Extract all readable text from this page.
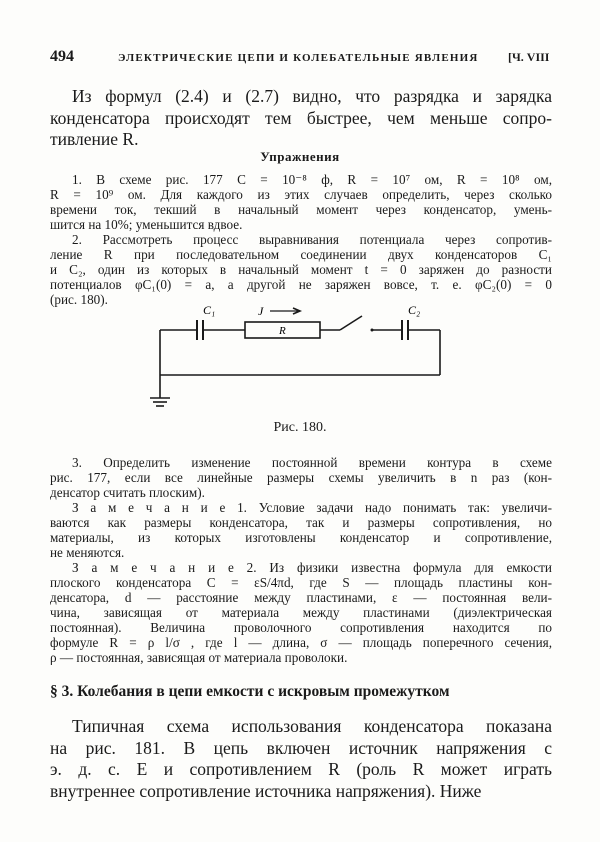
494	ЭЛЕКТРИЧЕСКИЕ ЦЕПИ И КОЛЕБАТЕЛЬНЫЕ ЯВЛЕНИЯ [Ч. VIII
Из формул (2.4) и (2.7) видно, что разрядка и зарядка
конденсатора происходят тем быстрее, чем меньше сопро-
тивление R.
1. В схеме рис. 177 C = 10⁻⁸ ф, R = 10⁷ ом, R = 10⁸ ом,
R = 10⁹ ом. Для каждого из этих случаев определить, через сколько
времени ток, текший в начальный момент через конденсатор, умень-
шится на 10%; уменьшится вдвое.
2. Рассмотреть процесс выравнивания потенциала через сопротив-
ление R при последовательном соединении двух конденсаторов C₁
и C₂, один из которых в начальный момент t = 0 заряжен до разности
потенциалов φC₁(0) = a, а другой не заряжен вовсе, т. е. φC₂(0) = 0
(рис. 180).
3. Определить изменение постоянной времени контура в схеме
рис. 177, если все линейные размеры схемы увеличить в n раз (кон-
денсатор считать плоским).
З а м е ч а н и е 1. Условие задачи надо понимать так: увеличи-
ваются как размеры конденсатора, так и размеры сопротивления, но
материалы, из которых изготовлены конденсатор и сопротивление,
не меняются.
З а м е ч а н и е 2. Из физики известна формула для емкости
плоского конденсатора C = εS/4πd, где S — площадь пластины кон-
денсатора, d — расстояние между пластинами, ε — постоянная вели-
чина, зависящая от материала между пластинами (диэлектрическая
постоянная). Величина проволочного сопротивления находится по
формуле R = ρ l/σ , где l — длина, σ — площадь поперечного сечения,
ρ — постоянная, зависящая от материала проволоки.
Типичная схема использования конденсатора показана
на рис. 181. В цепь включен источник напряжения с
э. д. с. E и сопротивлением R (роль R может играть
внутреннее сопротивление источника напряжения). Ниже
Упражнения
C₁	J
R
C₂
Рис. 180.
§ 3. Колебания в цепи емкости с искровым промежутком
